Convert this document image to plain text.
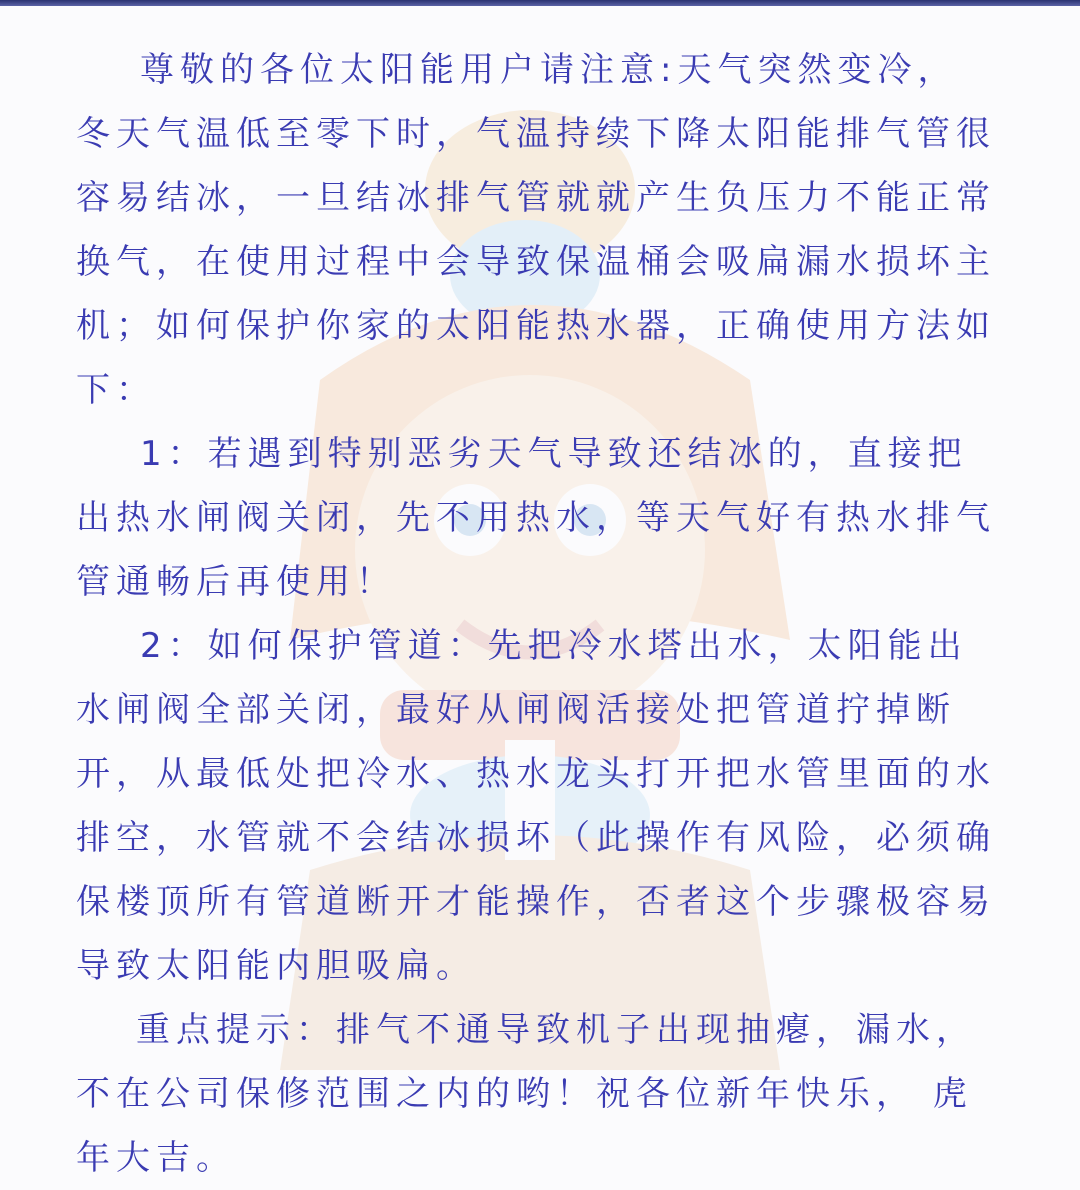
尊敬的各位太阳能用户请注意:天气突然变冷，冬天气温低至零下时，气温持续下降太阳能排气管很容易结冰，一旦结冰排气管就就产生负压力不能正常换气，在使用过程中会导致保温桶会吸扁漏水损坏主机；如何保护你家的太阳能热水器，正确使用方法如下：

1：若遇到特别恶劣天气导致还结冰的，直接把出热水闸阀关闭，先不用热水，等天气好有热水排气管通畅后再使用！

2：如何保护管道：先把冷水塔出水，太阳能出水闸阀全部关闭，最好从闸阀活接处把管道拧掉断开，从最低处把冷水、热水龙头打开把水管里面的水排空，水管就不会结冰损坏（此操作有风险，必须确保楼顶所有管道断开才能操作，否者这个步骤极容易导致太阳能内胆吸扁。

重点提示：排气不通导致机子出现抽瘪，漏水，不在公司保修范围之内的哟！祝各位新年快乐， 虎年大吉。
